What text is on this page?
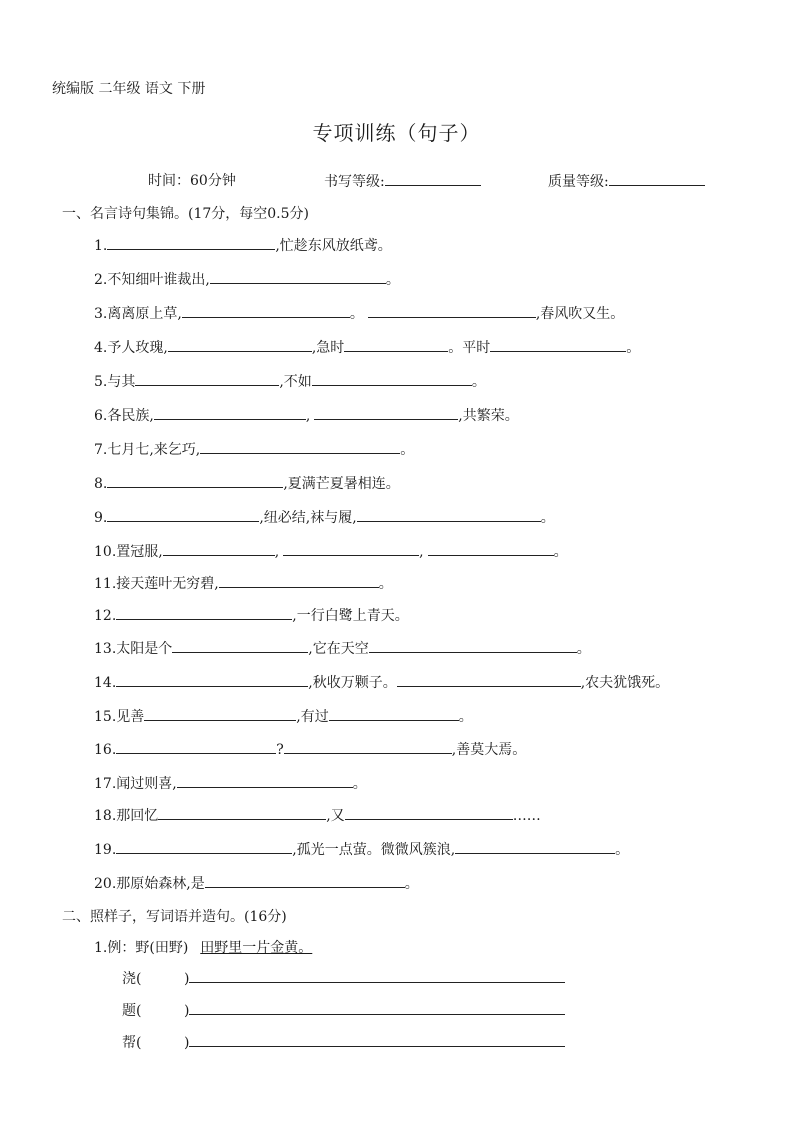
统编版 二年级 语文 下册
专项训练（句子）
时间：60分钟	书写等级:	质量等级:
一、名言诗句集锦。(17分，每空0.5分)
1.	,忙趁东风放纸鸢。
2.不知细叶谁裁出,	。
3.离离原上草,	。	,春风吹又生。
4.予人玫瑰,	,急时	。平时	。
5.与其	,不如	。
6.各民族,	,	,共繁荣。
7.七月七,来乞巧,	。
8.	,夏满芒夏暑相连。
9.	,纽必结,袜与履,	。
10.置冠服,	,	,	。
11.接天莲叶无穷碧,	。
12.	,一行白鹭上青天。
13.太阳是个	,它在天空	。
14.	,秋收万颗子。	,农夫犹饿死。
15.见善	,有过	。
16.	?	,善莫大焉。
17.闻过则喜,	。
18.那回忆	,又	……
19.	,孤光一点萤。微微风簇浪,	。
20.那原始森林,是	。
二、照样子，写词语并造句。(16分)
1.例：野(田野) 田野里一片金黄。
浇(	)
题(	)
帮(	)
